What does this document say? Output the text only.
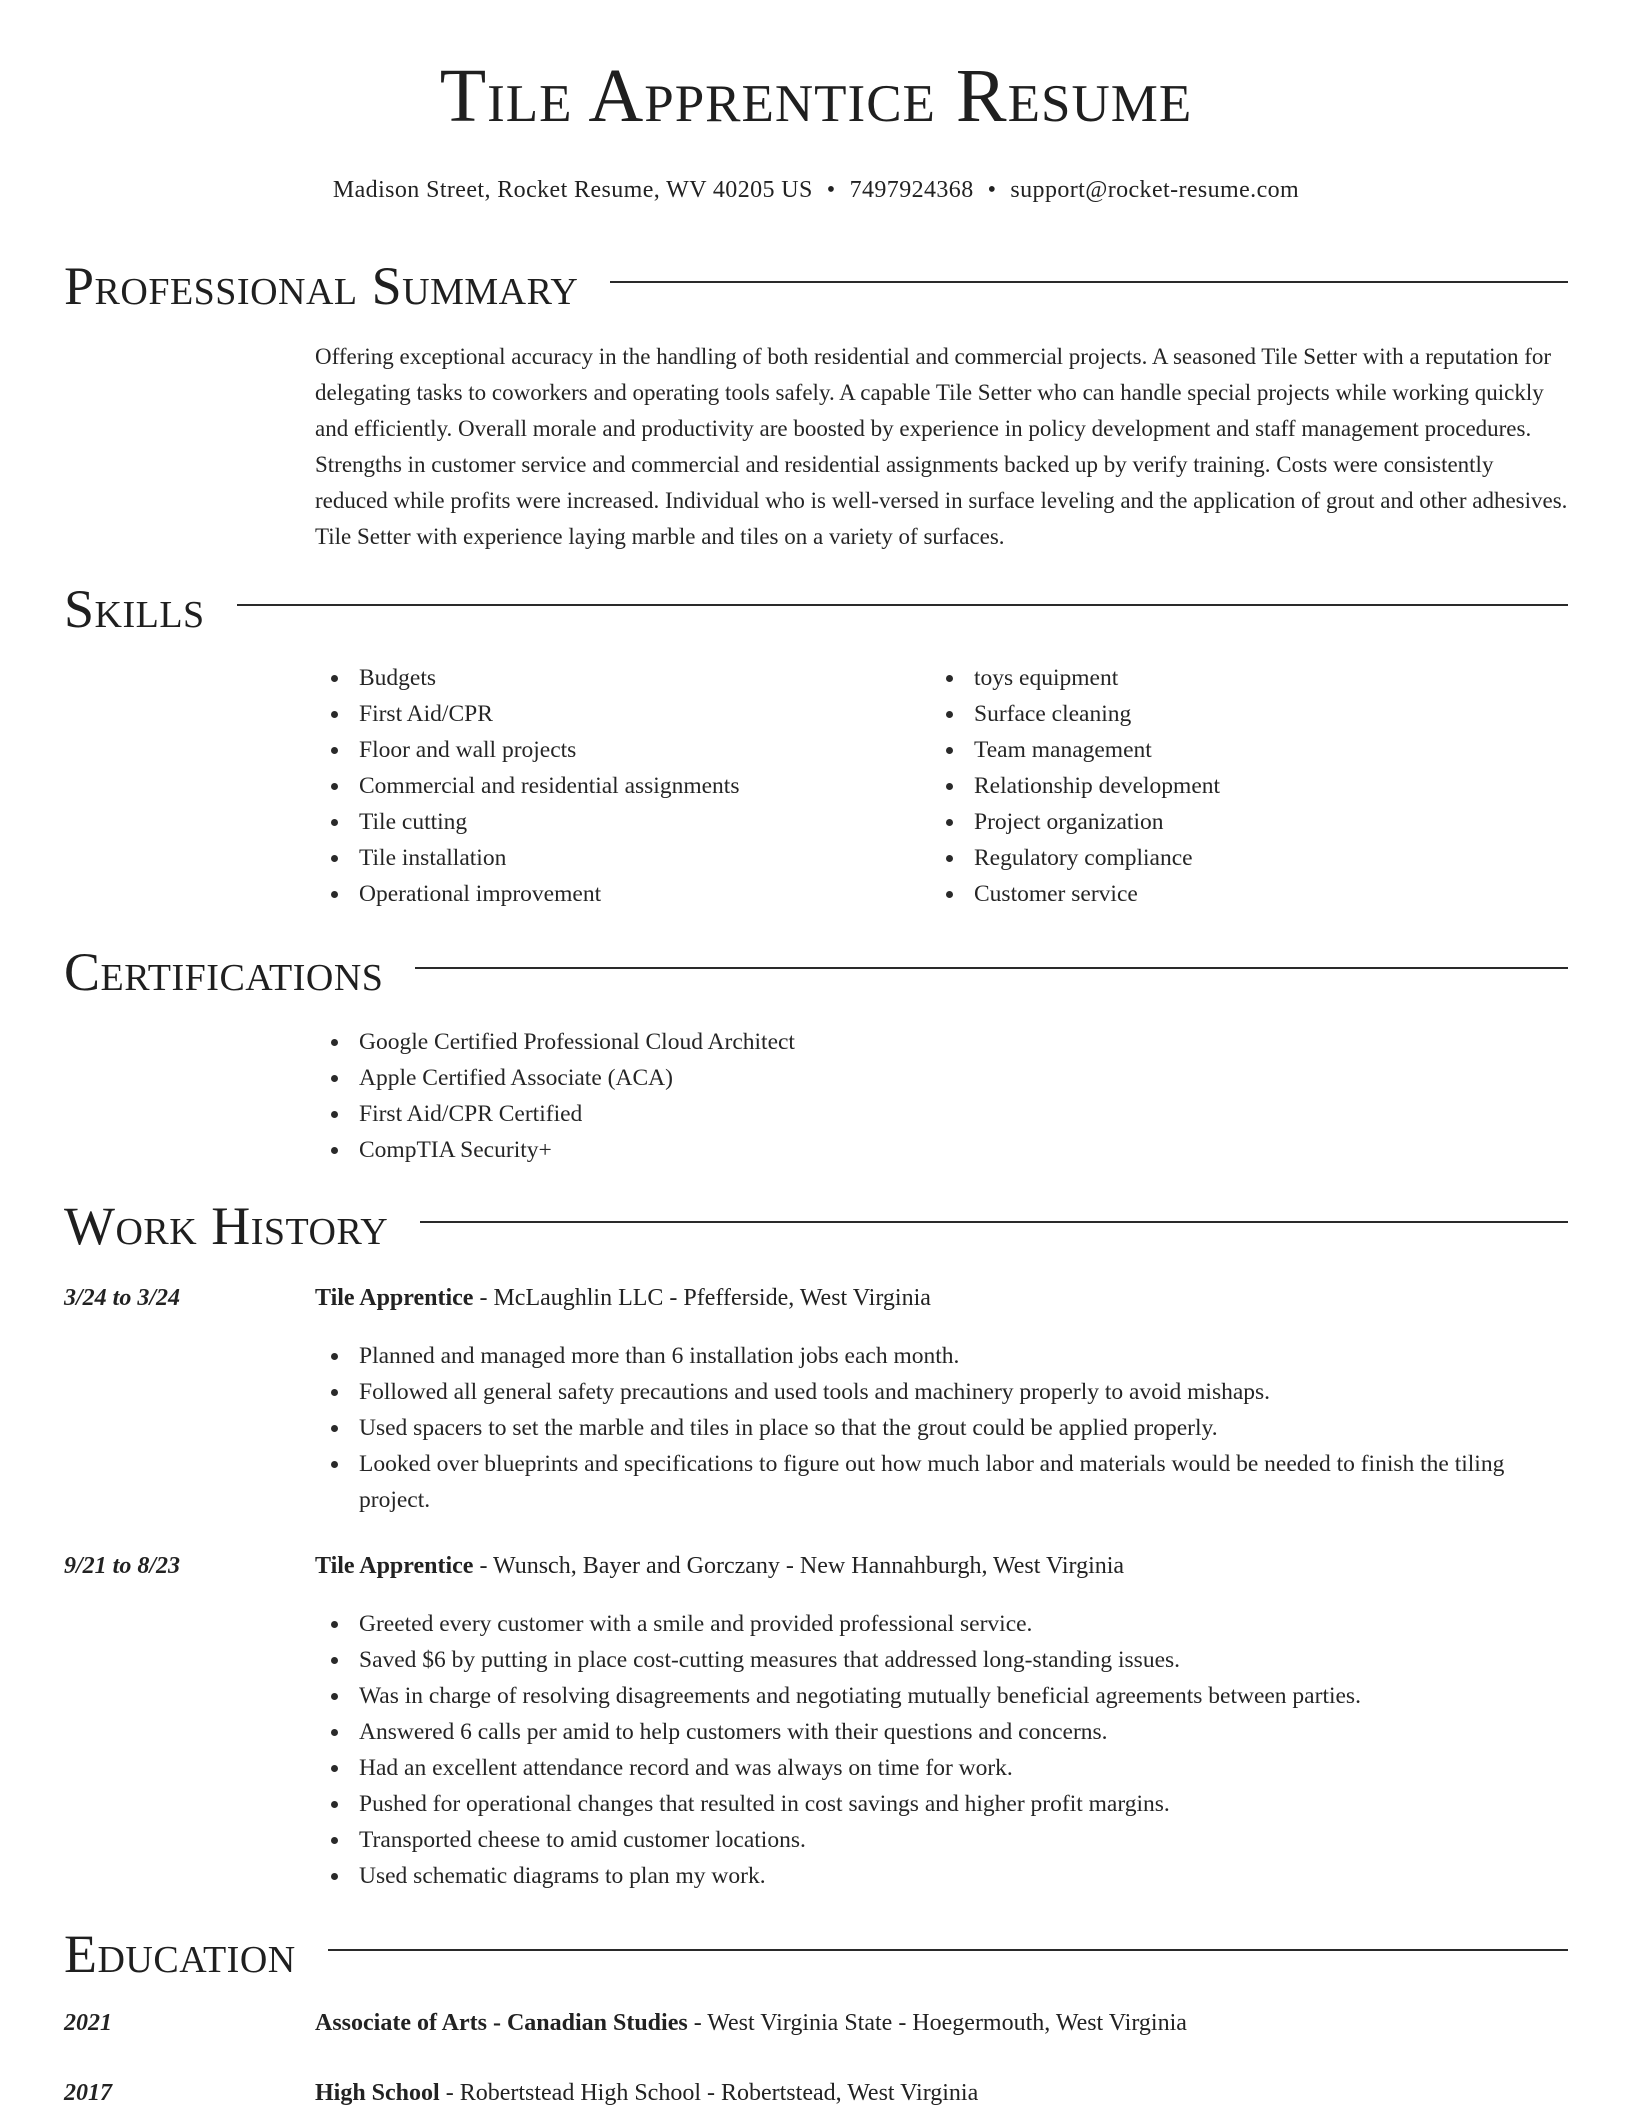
Tile Apprentice Resume
Madison Street, Rocket Resume, WV 40205 US • 7497924368 • support@rocket-resume.com
Professional Summary

Offering exceptional accuracy in the handling of both residential and commercial projects. A seasoned Tile Setter with a reputation for delegating tasks to coworkers and operating tools safely. A capable Tile Setter who can handle special projects while working quickly and efficiently. Overall morale and productivity are boosted by experience in policy development and staff management procedures. Strengths in customer service and commercial and residential assignments backed up by verify training. Costs were consistently reduced while profits were increased. Individual who is well-versed in surface leveling and the application of grout and other adhesives. Tile Setter with experience laying marble and tiles on a variety of surfaces.

Skills
Budgets
First Aid/CPR
Floor and wall projects
Commercial and residential assignments
Tile cutting
Tile installation
Operational improvement
toys equipment
Surface cleaning
Team management
Relationship development
Project organization
Regulatory compliance
Customer service
Certifications
Google Certified Professional Cloud Architect
Apple Certified Associate (ACA)
First Aid/CPR Certified
CompTIA Security+
Work History
3/24 to 3/24	Tile Apprentice - McLaughlin LLC - Pfefferside, West Virginia
Planned and managed more than 6 installation jobs each month.
Followed all general safety precautions and used tools and machinery properly to avoid mishaps.
Used spacers to set the marble and tiles in place so that the grout could be applied properly.
Looked over blueprints and specifications to figure out how much labor and materials would be needed to finish the tiling project.
9/21 to 8/23	Tile Apprentice - Wunsch, Bayer and Gorczany - New Hannahburgh, West Virginia
Greeted every customer with a smile and provided professional service.
Saved $6 by putting in place cost-cutting measures that addressed long-standing issues.
Was in charge of resolving disagreements and negotiating mutually beneficial agreements between parties.
Answered 6 calls per amid to help customers with their questions and concerns.
Had an excellent attendance record and was always on time for work.
Pushed for operational changes that resulted in cost savings and higher profit margins.
Transported cheese to amid customer locations.
Used schematic diagrams to plan my work.
Education
2021	Associate of Arts - Canadian Studies - West Virginia State - Hoegermouth, West Virginia
2017	High School - Robertstead High School - Robertstead, West Virginia
